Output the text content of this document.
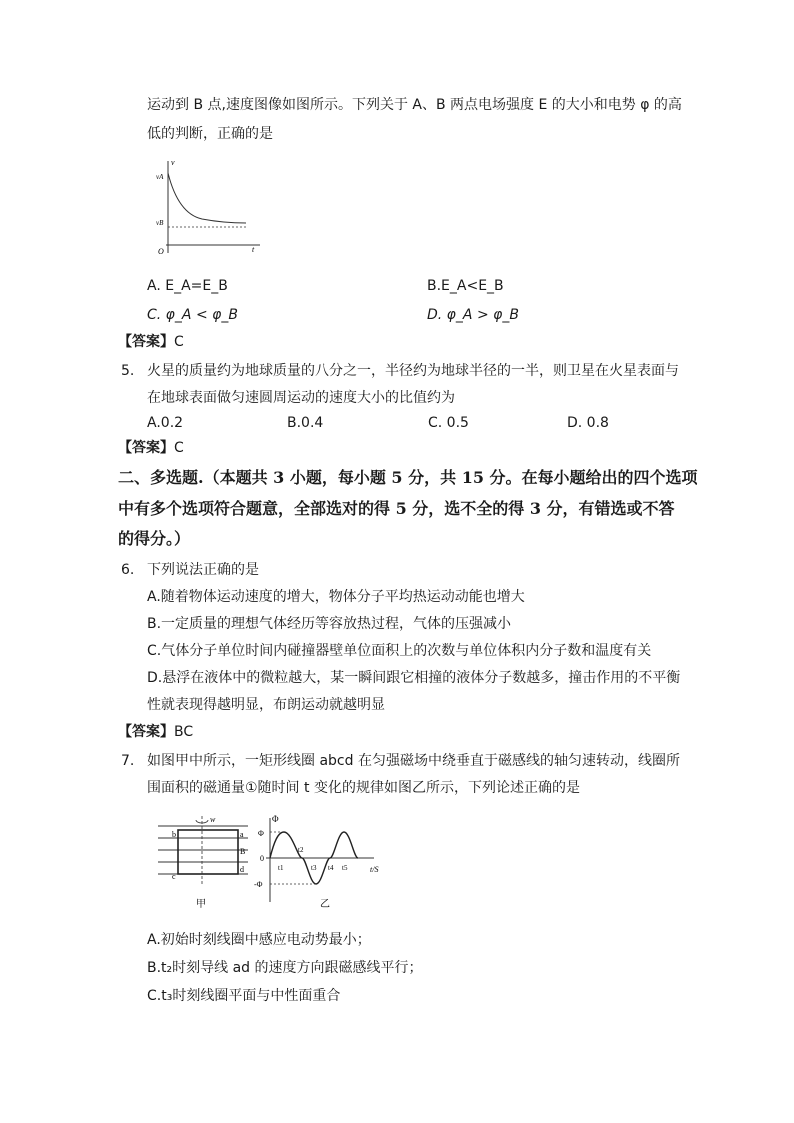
运动到 B 点,速度图像如图所示。下列关于 A、B 两点电场强度 E 的大小和电势 φ 的高
低的判断，正确的是
v
vA
vB
O	t
A. E_A=E_B	B.E_A<E_B
C. φ_A < φ_B	D. φ_A > φ_B
【答案】C
5. 火星的质量约为地球质量的八分之一，半径约为地球半径的一半，则卫星在火星表面与
在地球表面做匀速圆周运动的速度大小的比值约为
A.0.2	B.0.4	C. 0.5	D. 0.8
【答案】C
二、多选题.（本题共 3 小题，每小题 5 分，共 15 分。在每小题给出的四个选项
中有多个选项符合题意，全部选对的得 5 分，选不全的得 3 分，有错选或不答
的得分。）
6. 下列说法正确的是
A.随着物体运动速度的增大，物体分子平均热运动动能也增大
B.一定质量的理想气体经历等容放热过程，气体的压强减小
C.气体分子单位时间内碰撞器壁单位面积上的次数与单位体积内分子数和温度有关
D.悬浮在液体中的微粒越大，某一瞬间跟它相撞的液体分子数越多，撞击作用的不平衡
性就表现得越明显，布朗运动就越明显
【答案】BC
7. 如图甲中所示，一矩形线圈 abcd 在匀强磁场中绕垂直于磁感线的轴匀速转动，线圈所
围面积的磁通量①随时间 t 变化的规律如图乙所示，下列论述正确的是
w
b	a
B
c
d
甲
Φ
Φ
0
-Φ
t1
t2
t3 t4 t5	t/S
乙
A.初始时刻线圈中感应电动势最小；
B.t₂时刻导线 ad 的速度方向跟磁感线平行；
C.t₃时刻线圈平面与中性面重合
